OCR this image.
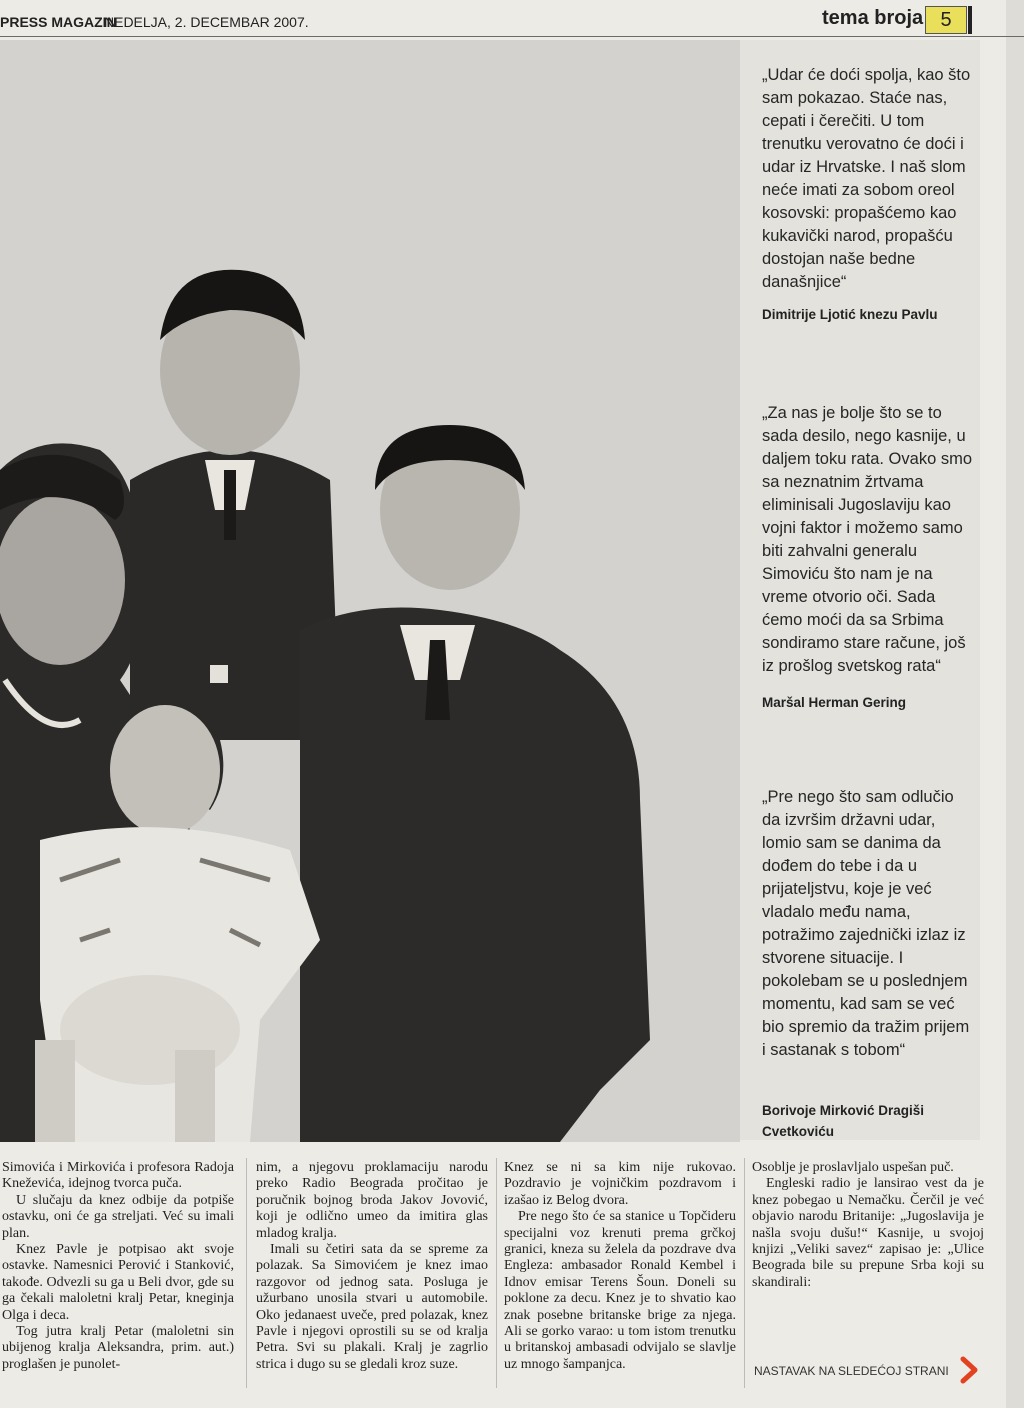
PRESS MAGAZIN
NEDELJA, 2. DECEMBAR 2007.	tema broja 5
„Udar će doći spolja, kao što sam pokazao. Staće nas, cepati i čerečiti. U tom trenutku verovatno će doći i udar iz Hrvatske. I naš slom neće imati za sobom oreol kosovski: propašćemo kao kukavički narod, propašću dostojan naše bedne današnjice“
Dimitrije Ljotić knezu Pavlu
„Za nas je bolje što se to sada desilo, nego kasnije, u daljem toku rata. Ovako smo sa neznatnim žrtvama eliminisali Jugoslaviju kao vojni faktor i možemo samo biti zahvalni generalu Simoviću što nam je na vreme otvorio oči. Sada ćemo moći da sa Srbima sondiramo stare račune, još iz prošlog svetskog rata“
Maršal Herman Gering
„Pre nego što sam odlučio da izvršim državni udar, lomio sam se danima da dođem do tebe i da u prijateljstvu, koje je već vladalo među nama, potražimo zajednički izlaz iz stvorene situacije. I pokolebam se u poslednjem momentu, kad sam se već bio spremio da tražim prijem i sastanak s tobom“
Borivoje Mirković Dragiši Cvetkoviću

Simovića i Mirkovića i profesora Radoja Kneževića, idejnog tvorca puča.

U slučaju da knez odbije da potpiše ostavku, oni će ga streljati. Već su imali plan.

Knez Pavle je potpisao akt svoje ostavke. Namesnici Perović i Stanković, takođe. Odvezli su ga u Beli dvor, gde su ga čekali maloletni kralj Petar, kneginja Olga i deca.

Tog jutra kralj Petar (maloletni sin ubijenog kralja Aleksandra, prim. aut.) proglašen je punolet-

nim, a njegovu proklamaciju narodu preko Radio Beograda pročitao je poručnik bojnog broda Jakov Jovović, koji je odlično umeo da imitira glas mladog kralja.

Imali su četiri sata da se spreme za polazak. Sa Simovićem je knez imao razgovor od jednog sata. Posluga je užurbano unosila stvari u automobile. Oko jedanaest uveče, pred polazak, knez Pavle i njegovi oprostili su se od kralja Petra. Svi su plakali. Kralj je zagrlio strica i dugo su se gledali kroz suze.

Knez se ni sa kim nije rukovao. Pozdravio je vojničkim pozdravom i izašao iz Belog dvora.

Pre nego što će sa stanice u Topčideru specijalni voz krenuti prema grčkoj granici, kneza su želela da pozdrave dva Engleza: ambasador Ronald Kembel i Idnov emisar Terens Šoun. Doneli su poklone za decu. Knez je to shvatio kao znak posebne britanske brige za njega. Ali se gorko varao: u tom istom trenutku u britanskoj ambasadi odvijalo se slavlje uz mnogo šampanjca.

Osoblje je proslavljalo uspešan puč.

Engleski radio je lansirao vest da je knez pobegao u Nemačku. Čerčil je već objavio narodu Britanije: „Jugoslavija je našla svoju dušu!“ Kasnije, u svojoj knjizi „Veliki savez“ zapisao je: „Ulice Beograda bile su prepune Srba koji su skandirali:

NASTAVAK NA SLEDEĆOJ STRANI
